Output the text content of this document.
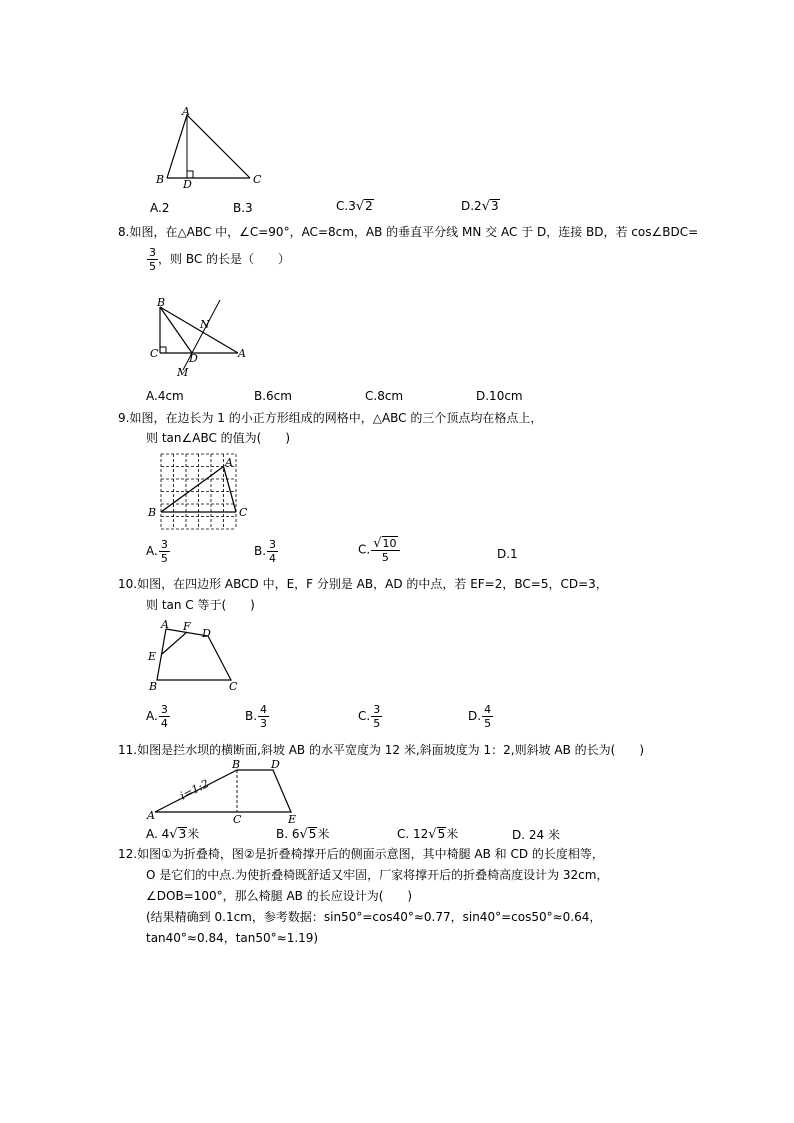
A
B D	C
A.2	B.3	C.3√2	D.2√3
8.如图，在△ABC 中，∠C=90°，AC=8cm，AB 的垂直平分线 MN 交 AC 于 D，连接 BD，若 cos∠BDC=
$\frac{3}{5}$ ，则 BC 的长是（　　）
B
N
C	D	A
M
A.4cm	B.6cm	C.8cm	D.10cm
9.如图，在边长为 1 的小正方形组成的网格中，△ABC 的三个顶点均在格点上，
则 tan∠ABC 的值为(　　)
A
B	C
A. $\frac{3}{5}$	B. $\frac{3}{4}$	C. $\frac{√10}{5}$	D.1
10.如图，在四边形 ABCD 中，E，F 分别是 AB，AD 的中点，若 EF=2，BC=5，CD=3，
则 tan C 等于(　　)
A F
D
E
B	C
A. $\frac{3}{4}$	B. $\frac{4}{3}$	C. $\frac{3}{5}$	D. $\frac{4}{5}$
11.如图是拦水坝的横断面,斜坡 AB 的水平宽度为 12 米,斜面坡度为 1：2,则斜坡 AB 的长为(　　)
B	D
i=1:2
A	C	E
A. 4√3米	B. 6√5米	C. 12√5米	D. 24 米
12.如图①为折叠椅，图②是折叠椅撑开后的侧面示意图，其中椅腿 AB 和 CD 的长度相等，
O 是它们的中点.为使折叠椅既舒适又牢固，厂家将撑开后的折叠椅高度设计为 32cm，
∠DOB=100°，那么椅腿 AB 的长应设计为(　　)
(结果精确到 0.1cm，参考数据：sin50°=cos40°≈0.77，sin40°=cos50°≈0.64，
tan40°≈0.84，tan50°≈1.19)
